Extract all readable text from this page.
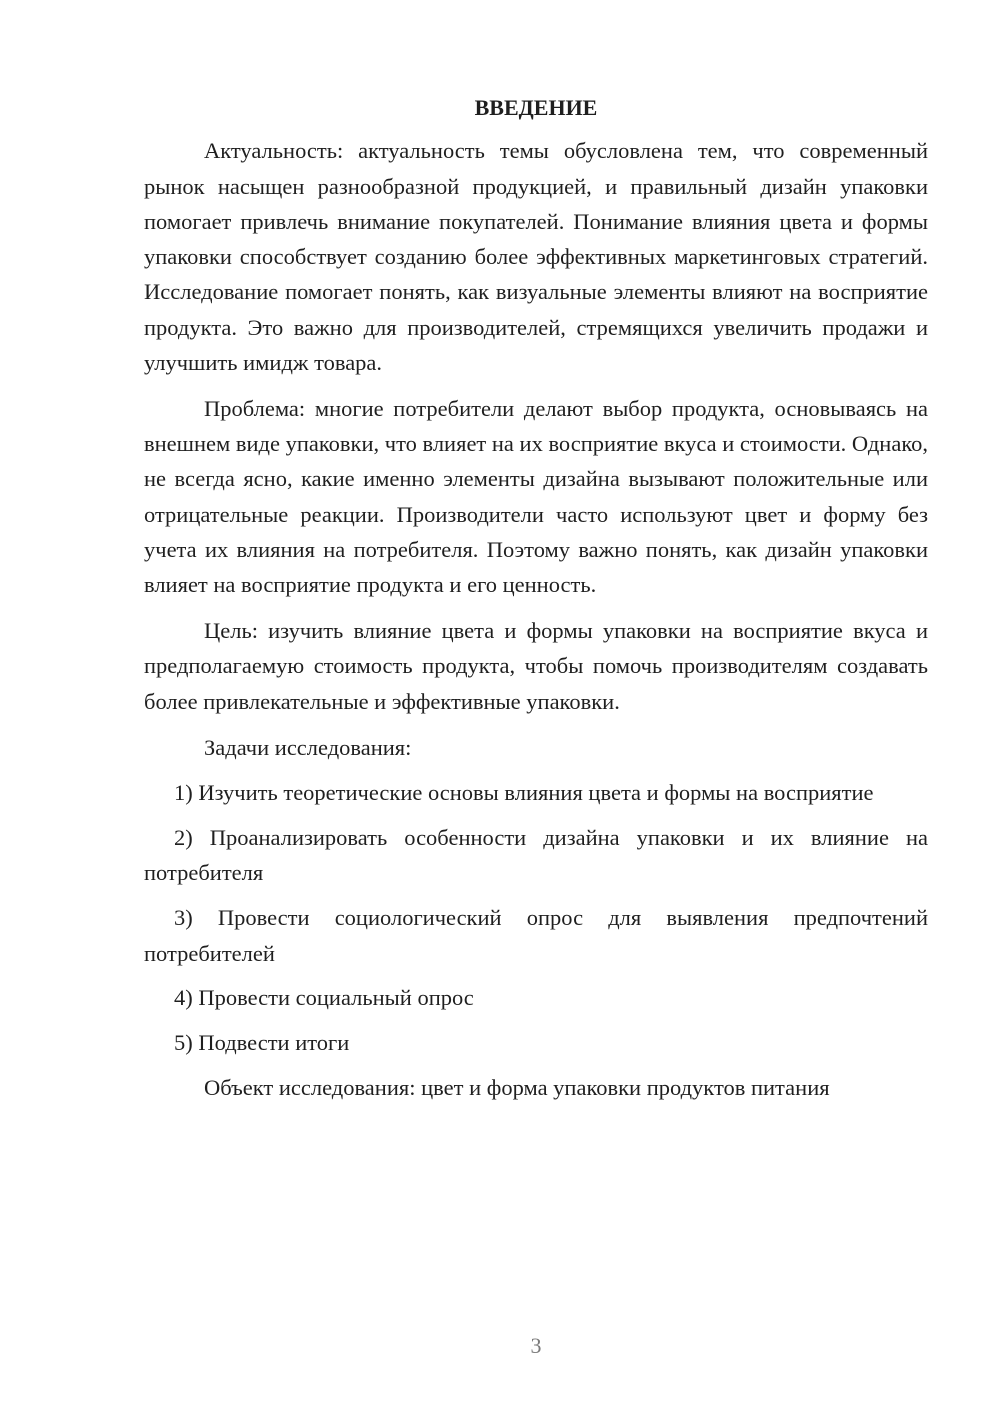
ВВЕДЕНИЕ

Актуальность: актуальность темы обусловлена тем, что современный рынок насыщен разнообразной продукцией, и правильный дизайн упаковки помогает привлечь внимание покупателей. Понимание влияния цвета и формы упаковки способствует созданию более эффективных маркетинговых стратегий. Исследование помогает понять, как визуальные элементы влияют на восприятие продукта. Это важно для производителей, стремящихся увеличить продажи и улучшить имидж товара.

Проблема: многие потребители делают выбор продукта, основываясь на внешнем виде упаковки, что влияет на их восприятие вкуса и стоимости. Однако, не всегда ясно, какие именно элементы дизайна вызывают положительные или отрицательные реакции. Производители часто используют цвет и форму без учета их влияния на потребителя. Поэтому важно понять, как дизайн упаковки влияет на восприятие продукта и его ценность.

Цель: изучить влияние цвета и формы упаковки на восприятие вкуса и предполагаемую стоимость продукта, чтобы помочь производителям создавать более привлекательные и эффективные упаковки.

Задачи исследования:

1) Изучить теоретические основы влияния цвета и формы на восприятие

2) Проанализировать особенности дизайна упаковки и их влияние на потребителя

3) Провести социологический опрос для выявления предпочтений потребителей

4) Провести социальный опрос

5) Подвести итоги

Объект исследования: цвет и форма упаковки продуктов питания

3
